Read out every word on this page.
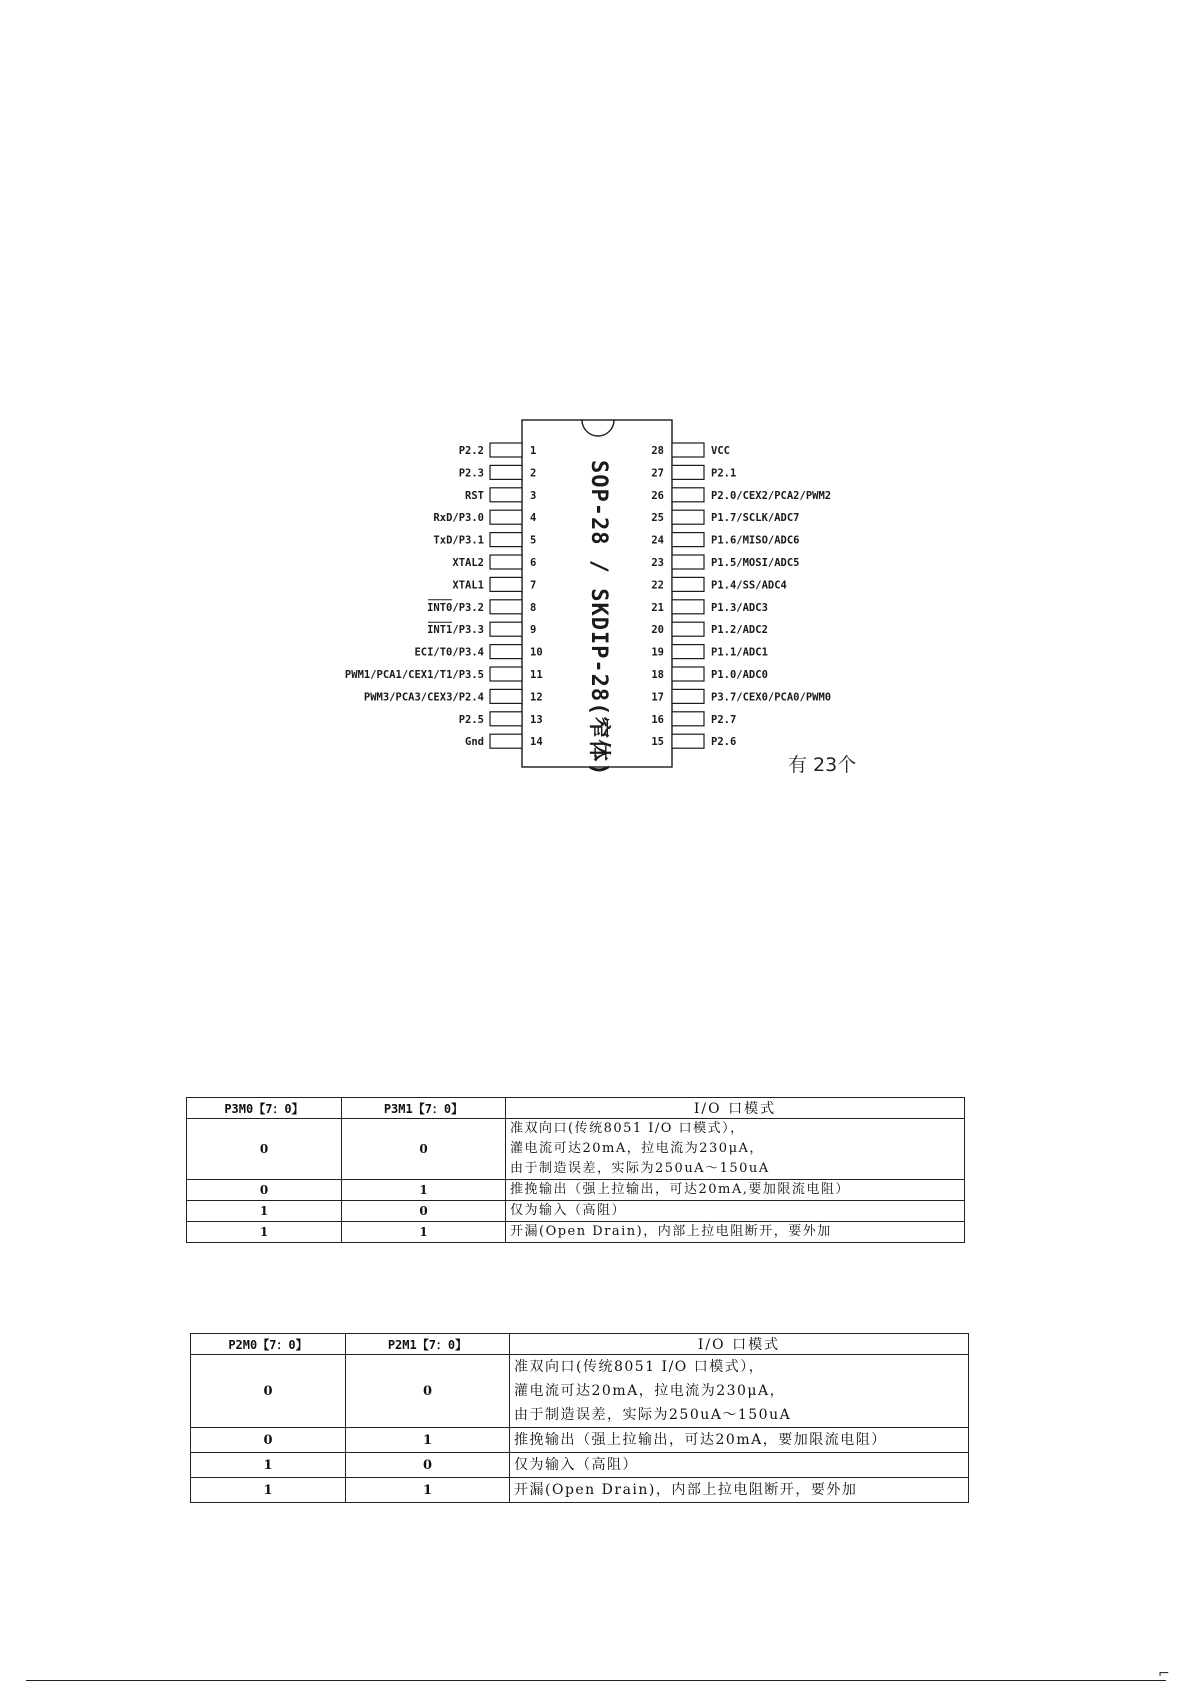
SOP-28 / SKDIP-28(窄体)
P2.2	1
P2.3	2
RST	3
RxD/P3.0	4
TxD/P3.1	5
XTAL2	6
XTAL1	7
INT0/P3.2	8
INT1/P3.3	9
ECI/T0/P3.4	10
PWM1/PCA1/CEX1/T1/P3.5	11
PWM3/PCA3/CEX3/P2.4	12
P2.5	13
Gnd	14
28	VCC
27	P2.1
26	P2.0/CEX2/PCA2/PWM2
25	P1.7/SCLK/ADC7
24	P1.6/MISO/ADC6
23	P1.5/MOSI/ADC5
22	P1.4/SS/ADC4
21	P1.3/ADC3
20	P1.2/ADC2
19	P1.1/ADC1
18	P1.0/ADC0
17	P3.7/CEX0/PCA0/PWM0
16	P2.7
15	P2.6
有 23个
P3M0【7：0】	P3M1【7：0】	I/O 口模式
0	0	准双向口(传统8051 I/O 口模式），
灌电流可达20mA，拉电流为230μA，
由于制造误差，实际为250uA～150uA

0	1	推挽输出（强上拉输出，可达20mA,要加限流电阻）

1	0	仅为输入（高阻）

1	1	开漏(Open Drain)，内部上拉电阻断开，要外加
P2M0【7：0】	P2M1【7：0】	I/O 口模式
0	0	准双向口(传统8051 I/O 口模式），
灌电流可达20mA，拉电流为230μA，
由于制造误差，实际为250uA～150uA

0	1	推挽输出（强上拉输出，可达20mA，要加限流电阻）

1	0	仅为输入（高阻）

1	1	开漏(Open Drain)，内部上拉电阻断开，要外加
⌐
